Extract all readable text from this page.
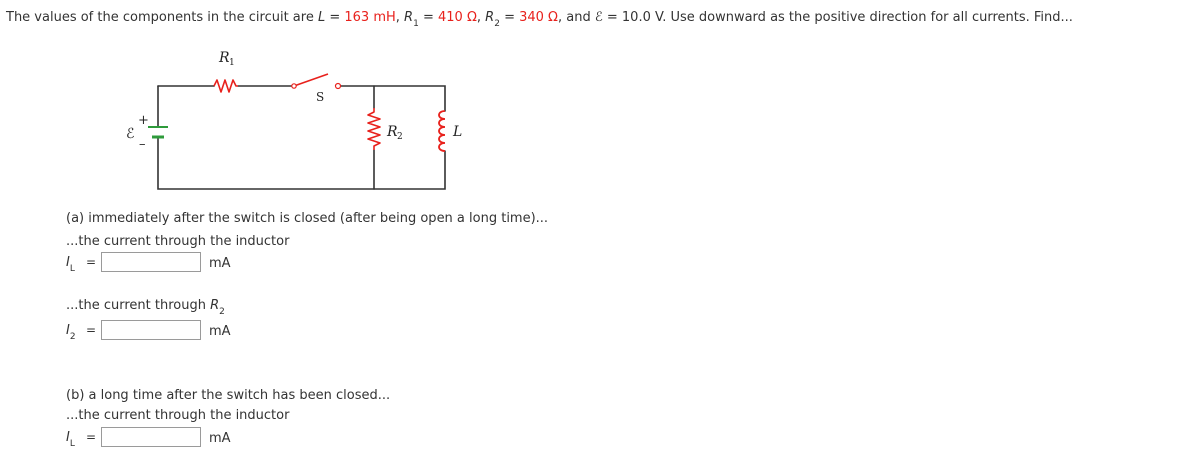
The values of the components in the circuit are L = 163 mH, $R_1 = 410$ Ω, $R_2 = 340$ Ω, and ℰ = 10.0 V. Use downward as the positive direction for all currents. Find...
R 1
S
+
–
ℰ	R 2	L
(a) immediately after the switch is closed (after being open a long time)...
...the current through the inductor
$I_L$ =	mA
...the current through $R_2$
$I_2$ =	mA
(b) a long time after the switch has been closed...
...the current through the inductor
$I_L$ =	mA
